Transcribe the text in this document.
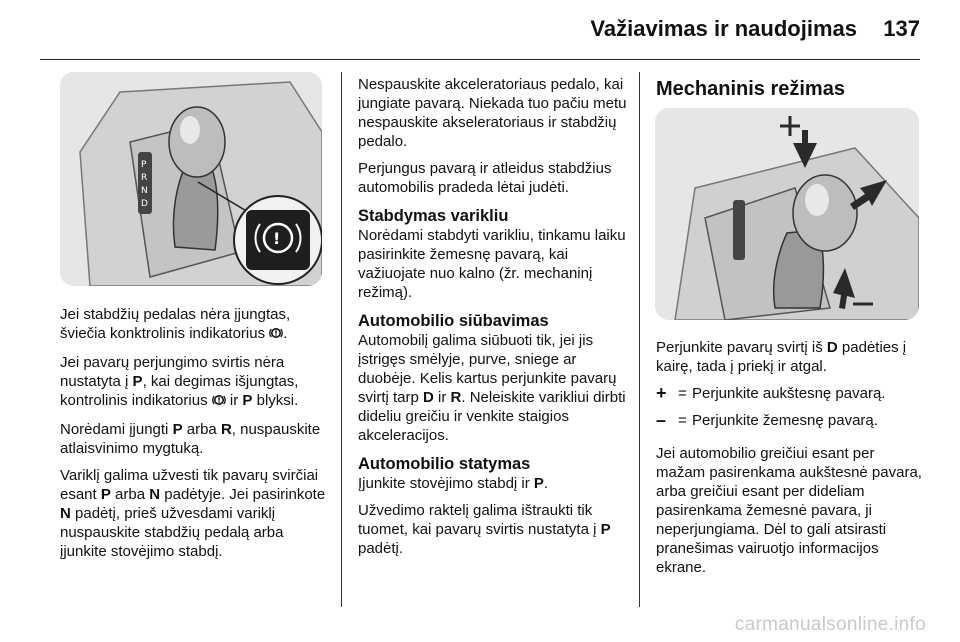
Važiavimas ir naudojimas 137
P
R
N
D
!

Jei stabdžių pedalas nėra įjungtas, šviečia konktrolinis indikatorius .

Jei pavarų perjungimo svirtis nėra nustatyta į P, kai degimas išjungtas, kontrolinis indikatorius  ir P blyksi.

Norėdami įjungti P arba R, nuspauskite atlaisvinimo mygtuką.

Variklį galima užvesti tik pavarų svirčiai esant P arba N padėtyje. Jei pasirinkote N padėtį, prieš užvesdami variklį nuspauskite stabdžių pedalą arba įjunkite stovėjimo stabdį.

Nespauskite akceleratoriaus pedalo, kai jungiate pavarą. Niekada tuo pačiu metu nespauskite akseleratoriaus ir stabdžių pedalo.

Perjungus pavarą ir atleidus stabdžius automobilis pradeda lėtai judėti.

Stabdymas varikliu

Norėdami stabdyti varikliu, tinkamu laiku pasirinkite žemesnę pavarą, kai važiuojate nuo kalno (žr. mechaninį režimą).

Automobilio siūbavimas

Automobilį galima siūbuoti tik, jei jis įstrigęs smėlyje, purve, sniege ar duobėje. Kelis kartus perjunkite pavarų svirtį tarp D ir R. Neleiskite varikliui dirbti dideliu greičiu ir venkite staigios akceleracijos.

Automobilio statymas

Įjunkite stovėjimo stabdį ir P.

Užvedimo raktelį galima ištraukti tik tuomet, kai pavarų svirtis nustatyta į P padėtį.

Mechaninis režimas

Perjunkite pavarų svirtį iš D padėties į kairę, tada į priekį ir atgal.

+ = Perjunkite aukštesnę pavarą.
– = Perjunkite žemesnę pavarą.

Jei automobilio greičiui esant per mažam pasirenkama aukštesnė pavara, arba greičiui esant per dideliam pasirenkama žemesnė pavara, ji neperjungiama. Dėl to gali atsirasti pranešimas vairuotjo informacijos ekrane.

carmanualsonline.info
